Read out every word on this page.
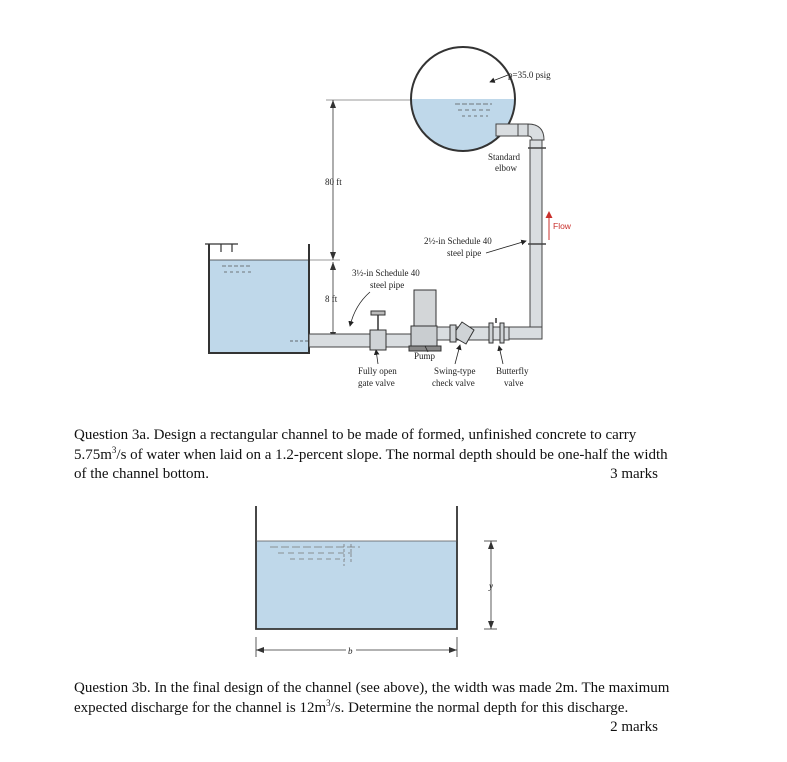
p=35.0 psig
Standard
elbow
Flow
2½-in Schedule 40
steel pipe
80 ft
8 ft
3½-in Schedule 40
steel pipe
Pump
Fully open
gate valve
Swing-type
check valve
Butterfly
valve

Question 3a. Design a rectangular channel to be made of formed, unfinished concrete to carry $5.75m^3/s$ of water when laid on a 1.2-percent slope. The normal depth should be one-half the width of the channel bottom.	3 marks
y
b

Question 3b. In the final design of the channel (see above), the width was made 2m. The maximum expected discharge for the channel is $12m^3/s$. Determine the normal depth for this discharge.

2 marks
